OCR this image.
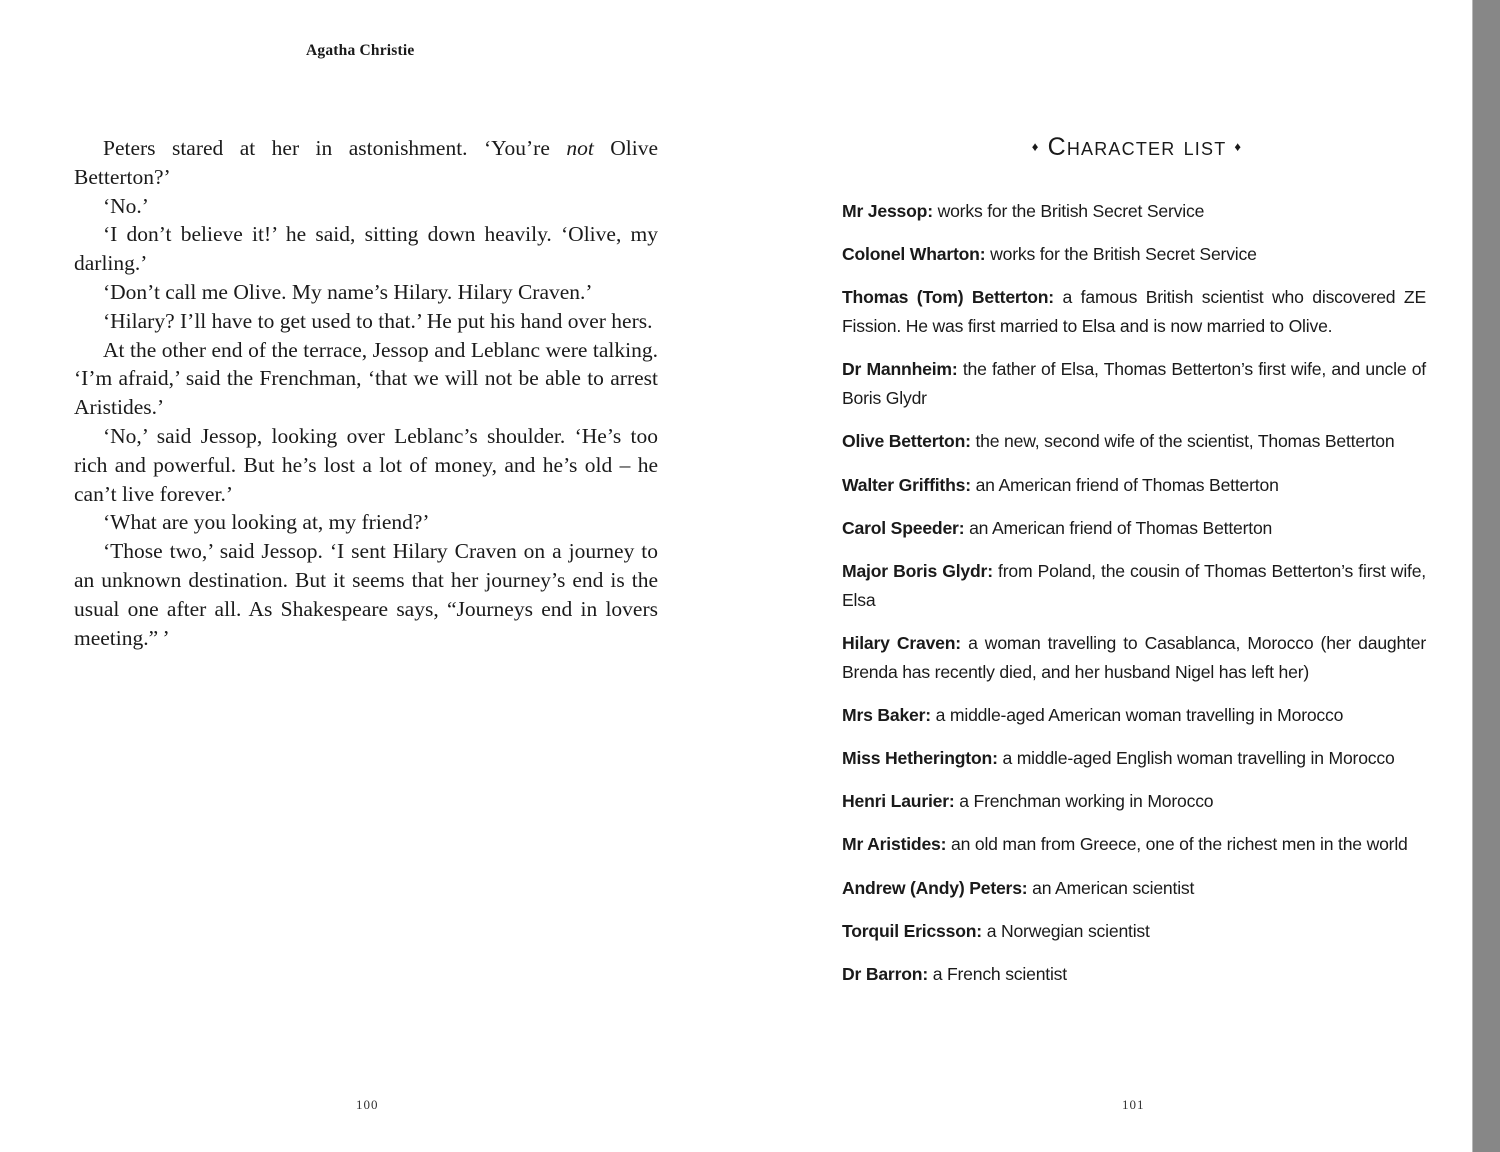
Agatha Christie

Peters stared at her in astonishment. ‘You’re not Olive Betterton?’

‘No.’

‘I don’t believe it!’ he said, sitting down heavily. ‘Olive, my darling.’

‘Don’t call me Olive. My name’s Hilary. Hilary Craven.’

‘Hilary? I’ll have to get used to that.’ He put his hand over hers.

At the other end of the terrace, Jessop and Leblanc were talking. ‘I’m afraid,’ said the Frenchman, ‘that we will not be able to arrest Aristides.’

‘No,’ said Jessop, looking over Leblanc’s shoulder. ‘He’s too rich and powerful. But he’s lost a lot of money, and he’s old – he can’t live forever.’

‘What are you looking at, my friend?’

‘Those two,’ said Jessop. ‘I sent Hilary Craven on a journey to an unknown destination. But it seems that her journey’s end is the usual one after all. As Shakespeare says, “Journeys end in lovers meeting.” ’

100
♦ Character list ♦
Mr Jessop: works for the British Secret Service
Colonel Wharton: works for the British Secret Service
Thomas (Tom) Betterton: a famous British scientist who discovered ZE Fission. He was first married to Elsa and is now married to Olive.
Dr Mannheim: the father of Elsa, Thomas Betterton’s first wife, and uncle of Boris Glydr
Olive Betterton: the new, second wife of the scientist, Thomas Betterton
Walter Griffiths: an American friend of Thomas Betterton
Carol Speeder: an American friend of Thomas Betterton
Major Boris Glydr: from Poland, the cousin of Thomas Betterton’s first wife, Elsa
Hilary Craven: a woman travelling to Casablanca, Morocco (her daughter Brenda has recently died, and her husband Nigel has left her)
Mrs Baker: a middle-aged American woman travelling in Morocco
Miss Hetherington: a middle-aged English woman travelling in Morocco
Henri Laurier: a Frenchman working in Morocco
Mr Aristides: an old man from Greece, one of the richest men in the world
Andrew (Andy) Peters: an American scientist
Torquil Ericsson: a Norwegian scientist
Dr Barron: a French scientist
101
